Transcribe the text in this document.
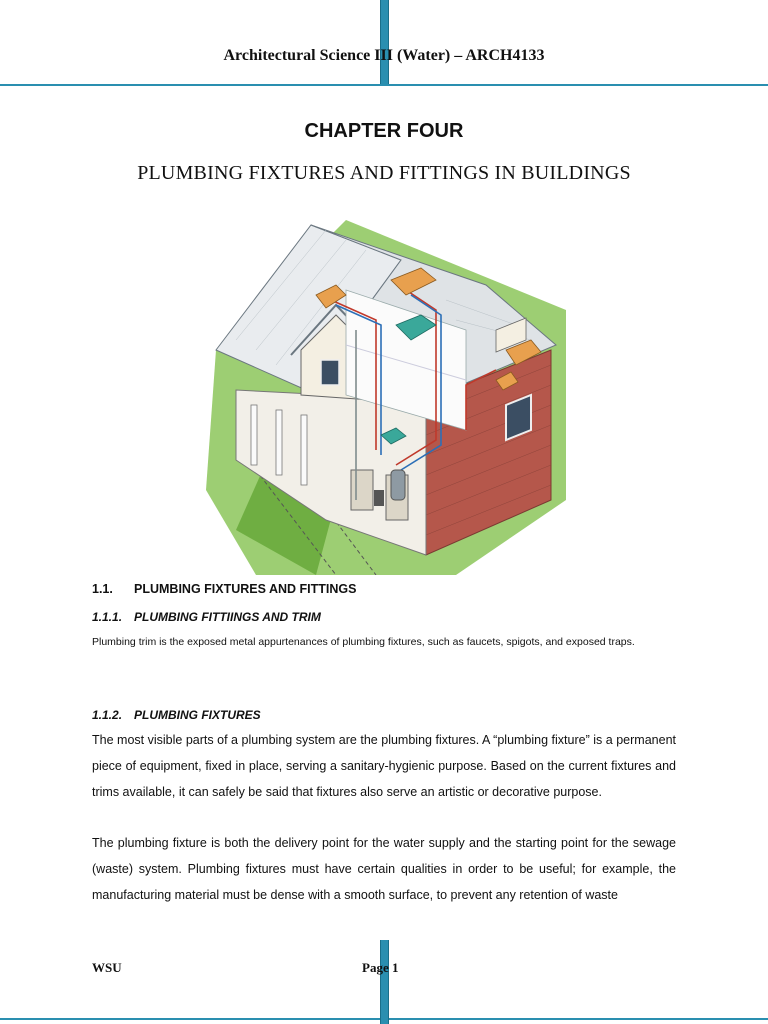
Architectural Science III (Water) – ARCH4133
CHAPTER FOUR
PLUMBING FIXTURES AND FITTINGS IN BUILDINGS
1.1. PLUMBING FIXTURES AND FITTINGS
1.1.1. PLUMBING FITTIINGS AND TRIM

Plumbing trim is the exposed metal appurtenances of plumbing fixtures, such as faucets, spigots, and exposed traps.

1.1.2. PLUMBING FIXTURES

The most visible parts of a plumbing system are the plumbing fixtures. A “plumbing fixture” is a permanent piece of equipment, fixed in place, serving a sanitary-hygienic purpose. Based on the current fixtures and trims available, it can safely be said that fixtures also serve an artistic or decorative purpose.

The plumbing fixture is both the delivery point for the water supply and the starting point for the sewage (waste) system. Plumbing fixtures must have certain qualities in order to be useful; for example, the manufacturing material must be dense with a smooth surface, to prevent any retention of waste

WSU	Page 1
